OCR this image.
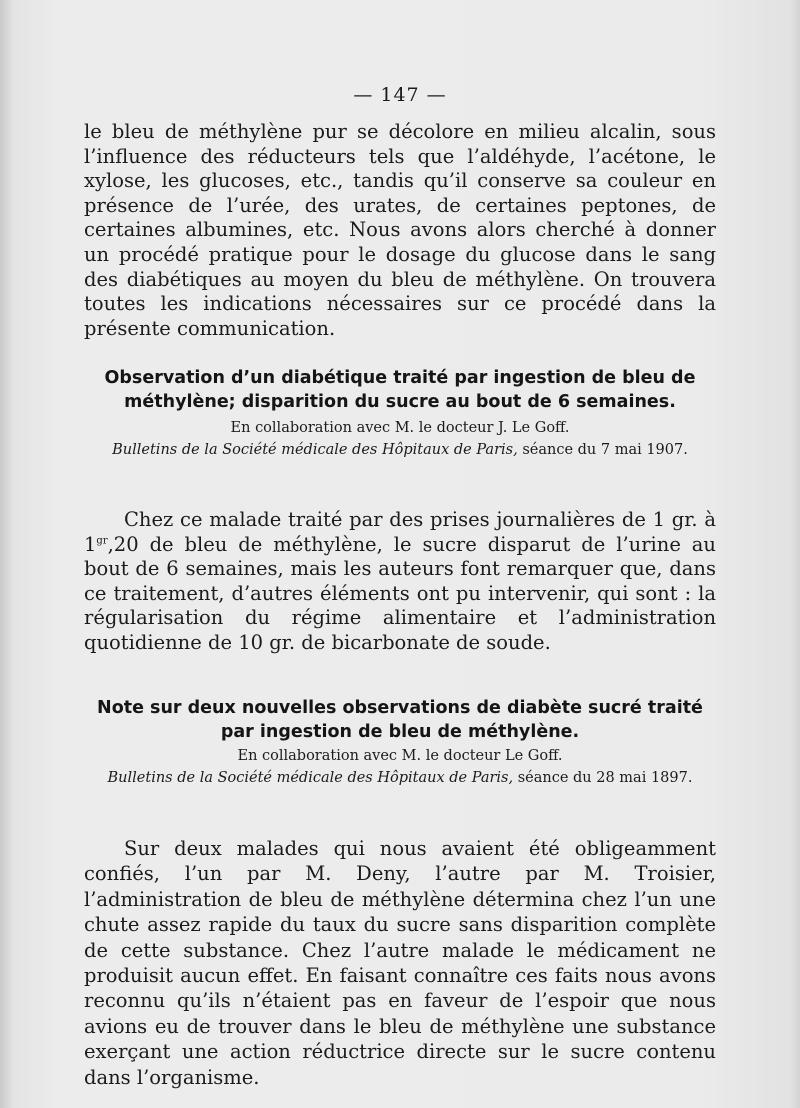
— 147 —

le bleu de méthylène pur se décolore en milieu alcalin, sous l’influence des réducteurs tels que l’aldéhyde, l’acétone, le xylose, les glucoses, etc., tandis qu’il conserve sa couleur en présence de l’urée, des urates, de certaines peptones, de certaines albumines, etc. Nous avons alors cherché à donner un procédé pratique pour le dosage du glucose dans le sang des diabétiques au moyen du bleu de méthylène. On trouvera toutes les indications nécessaires sur ce procédé dans la présente communication.

Observation d’un diabétique traité par ingestion de bleu de méthylène; disparition du sucre au bout de 6 semaines.
En collaboration avec M. le docteur J. Le Goff.
Bulletins de la Société médicale des Hôpitaux de Paris, séance du 7 mai 1907.

Chez ce malade traité par des prises journalières de 1 gr. à $1^{gr},20$ de bleu de méthylène, le sucre disparut de l’urine au bout de 6 semaines, mais les auteurs font remarquer que, dans ce traitement, d’autres éléments ont pu intervenir, qui sont : la régularisation du régime alimentaire et l’administration quotidienne de 10 gr. de bicarbonate de soude.

Note sur deux nouvelles observations de diabète sucré traité par ingestion de bleu de méthylène.
En collaboration avec M. le docteur Le Goff.
Bulletins de la Société médicale des Hôpitaux de Paris, séance du 28 mai 1897.

Sur deux malades qui nous avaient été obligeamment confiés, l’un par M. Deny, l’autre par M. Troisier, l’administration de bleu de méthylène détermina chez l’un une chute assez rapide du taux du sucre sans disparition complète de cette substance. Chez l’autre malade le médicament ne produisit aucun effet. En faisant connaître ces faits nous avons reconnu qu’ils n’étaient pas en faveur de l’espoir que nous avions eu de trouver dans le bleu de méthylène une substance exerçant une action réductrice directe sur le sucre contenu dans l’organisme.
